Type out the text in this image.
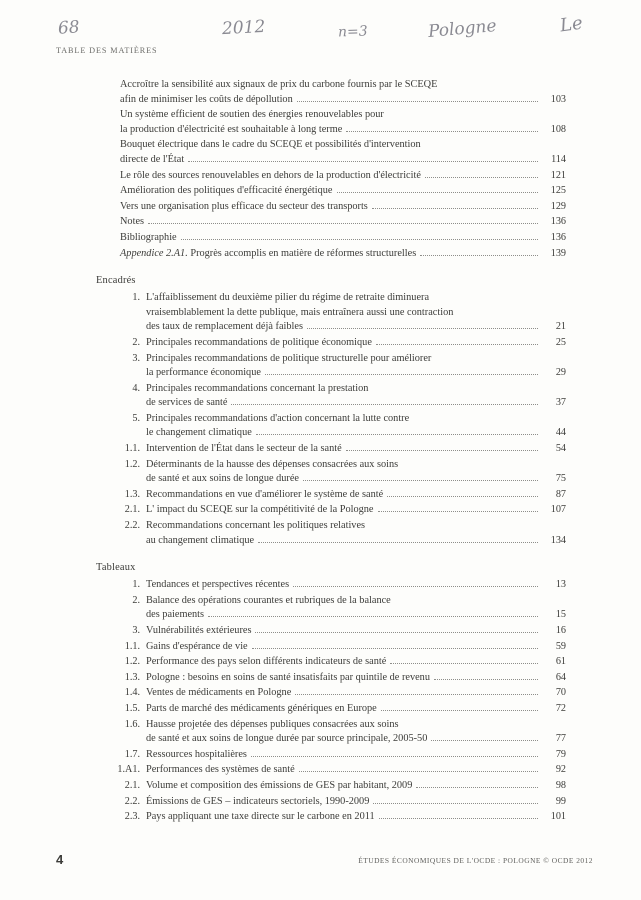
68	2012	n=3	Pologne	Le
TABLE DES MATIÈRES
Accroître la sensibilité aux signaux de prix du carbone fournis par le SCEQE

afin de minimiser les coûts de dépollution	103
Un système efficient de soutien des énergies renouvelables pour

la production d'électricité est souhaitable à long terme	108
Bouquet électrique dans le cadre du SCEQE et possibilités d'intervention

directe de l'État	114
Le rôle des sources renouvelables en dehors de la production d'électricité	121
Amélioration des politiques d'efficacité énergétique	125
Vers une organisation plus efficace du secteur des transports	129
Notes	136
Bibliographie	136
Appendice 2.A1. Progrès accomplis en matière de réformes structurelles	139
Encadrés
1. L'affaiblissement du deuxième pilier du régime de retraite diminuera

vraisemblablement la dette publique, mais entraînera aussi une contraction

des taux de remplacement déjà faibles	21
2. Principales recommandations de politique économique	25
3. Principales recommandations de politique structurelle pour améliorer

la performance économique	29
4. Principales recommandations concernant la prestation

de services de santé	37
5. Principales recommandations d'action concernant la lutte contre

le changement climatique	44
1.1. Intervention de l'État dans le secteur de la santé	54
1.2. Déterminants de la hausse des dépenses consacrées aux soins

de santé et aux soins de longue durée	75
1.3. Recommandations en vue d'améliorer le système de santé	87
2.1. L' impact du SCEQE sur la compétitivité de la Pologne	107
2.2. Recommandations concernant les politiques relatives

au changement climatique	134
Tableaux
1. Tendances et perspectives récentes	13
2. Balance des opérations courantes et rubriques de la balance

des paiements	15
3. Vulnérabilités extérieures	16
1.1. Gains d'espérance de vie	59
1.2. Performance des pays selon différents indicateurs de santé	61
1.3. Pologne : besoins en soins de santé insatisfaits par quintile de revenu	64
1.4. Ventes de médicaments en Pologne	70
1.5. Parts de marché des médicaments génériques en Europe	72
1.6. Hausse projetée des dépenses publiques consacrées aux soins

de santé et aux soins de longue durée par source principale, 2005-50	77
1.7. Ressources hospitalières	79
1.A1. Performances des systèmes de santé	92
2.1. Volume et composition des émissions de GES par habitant, 2009	98
2.2. Émissions de GES – indicateurs sectoriels, 1990-2009	99
2.3. Pays appliquant une taxe directe sur le carbone en 2011	101
4	ÉTUDES ÉCONOMIQUES DE L'OCDE : POLOGNE © OCDE 2012
